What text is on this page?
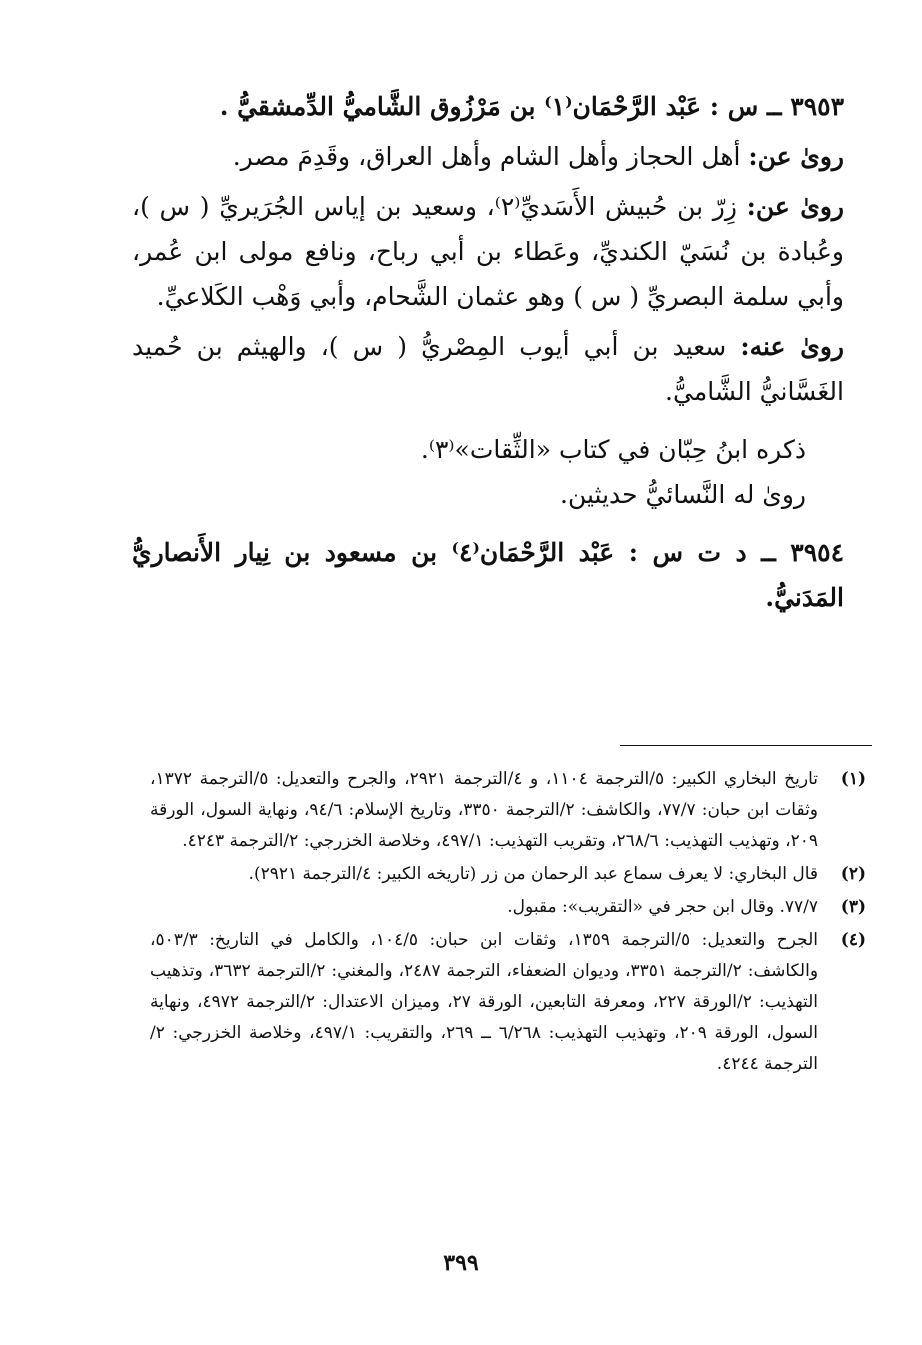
٣٩٥٣ ــ س : عَبْد الرَّحْمَان⁽١⁾ بن مَرْزُوق الشَّاميُّ الدِّمشقيُّ .

روىٰ عن: أهل الحجاز وأهل الشام وأهل العراق، وقَدِمَ مصر.

روىٰ عن: زِرّ بن حُبيش الأَسَديِّ⁽٢⁾، وسعيد بن إياس الجُرَيريِّ ( س )، وعُبادة بن نُسَيّ الكنديِّ، وعَطاء بن أبي رباح، ونافع مولى ابن عُمر، وأبي سلمة البصريِّ ( س ) وهو عثمان الشَّحام، وأبي وَهْب الكَلاعيِّ.

روىٰ عنه: سعيد بن أبي أيوب المِصْريُّ ( س )، والهيثم بن حُميد الغَسَّانيُّ الشَّاميُّ.

ذكره ابنُ حِبّان في كتاب «الثِّقات»⁽٣⁾.

روىٰ له النَّسائيُّ حديثين.

٣٩٥٤ ــ د ت س : عَبْد الرَّحْمَان⁽٤⁾ بن مسعود بن نِيار الأَنصاريُّ المَدَنيُّ.

(١)
تاريخ البخاري الكبير: ٥/الترجمة ١١٠٤، و ٤/الترجمة ٢٩٢١، والجرح والتعديل: ٥/الترجمة ١٣٧٢، وثقات ابن حبان: ٧٧/٧، والكاشف: ٢/الترجمة ٣٣٥٠، وتاريخ الإسلام: ٩٤/٦، ونهاية السول، الورقة ٢٠٩، وتهذيب التهذيب: ٢٦٨/٦، وتقريب التهذيب: ٤٩٧/١، وخلاصة الخزرجي: ٢/الترجمة ٤٢٤٣.
(٢)
قال البخاري: لا يعرف سماع عبد الرحمان من زر (تاريخه الكبير: ٤/الترجمة ٢٩٢١).
(٣)
٧٧/٧. وقال ابن حجر في «التقريب»: مقبول.
(٤)
الجرح والتعديل: ٥/الترجمة ١٣٥٩، وثقات ابن حبان: ١٠٤/٥، والكامل في التاريخ: ٥٠٣/٣، والكاشف: ٢/الترجمة ٣٣٥١، وديوان الضعفاء، الترجمة ٢٤٨٧، والمغني: ٢/الترجمة ٣٦٣٢، وتذهيب التهذيب: ٢/الورقة ٢٢٧، ومعرفة التابعين، الورقة ٢٧، وميزان الاعتدال: ٢/الترجمة ٤٩٧٢، ونهاية السول، الورقة ٢٠٩، وتهذيب التهذيب: ٦/٢٦٨ ــ ٢٦٩، والتقريب: ٤٩٧/١، وخلاصة الخزرجي: ٢/الترجمة ٤٢٤٤.
٣٩٩
